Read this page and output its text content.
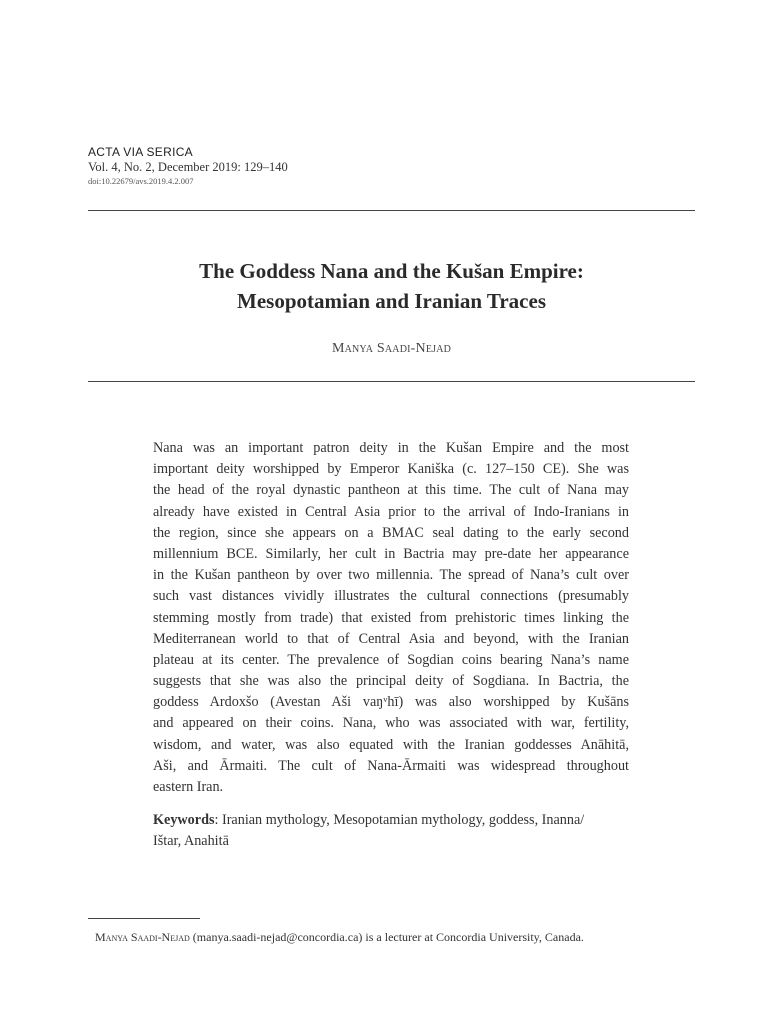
ACTA VIA SERICA
Vol. 4, No. 2, December 2019: 129–140
doi:10.22679/avs.2019.4.2.007
The Goddess Nana and the Kušan Empire:
Mesopotamian and Iranian Traces
Manya Saadi-Nejad
Nana was an important patron deity in the Kušan Empire and the most
important deity worshipped by Emperor Kaniška (c. 127–150 CE). She was
the head of the royal dynastic pantheon at this time. The cult of Nana may
already have existed in Central Asia prior to the arrival of Indo-Iranians in
the region, since she appears on a BMAC seal dating to the early second
millennium BCE. Similarly, her cult in Bactria may pre-date her appearance
in the Kušan pantheon by over two millennia. The spread of Nana’s cult over
such vast distances vividly illustrates the cultural connections (presumably
stemming mostly from trade) that existed from prehistoric times linking the
Mediterranean world to that of Central Asia and beyond, with the Iranian
plateau at its center. The prevalence of Sogdian coins bearing Nana’s name
suggests that she was also the principal deity of Sogdiana. In Bactria, the
goddess Ardoxšo (Avestan Aši vaŋᵛhī) was also worshipped by Kušāns
and appeared on their coins. Nana, who was associated with war, fertility,
wisdom, and water, was also equated with the Iranian goddesses Anāhitā,
Aši, and Ārmaiti. The cult of Nana-Ārmaiti was widespread throughout
eastern Iran.
Keywords: Iranian mythology, Mesopotamian mythology, goddess, Inanna/
Ištar, Anahitā
Manya Saadi-Nejad (manya.saadi-nejad@concordia.ca) is a lecturer at Concordia University, Canada.
